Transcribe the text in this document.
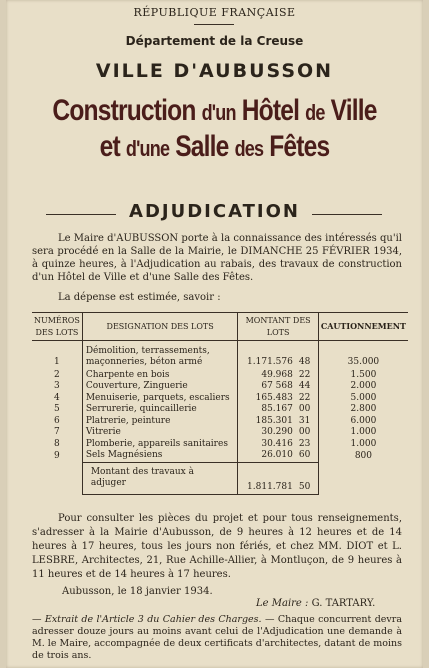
RÉPUBLIQUE FRANÇAISE
Département de la Creuse
VILLE D'AUBUSSON
Construction d'un Hôtel de Ville
et d'une Salle des Fêtes
ADJUDICATION
Le Maire d'AUBUSSON porte à la connaissance des intéressés qu'il sera procédé en la Salle de la Mairie, le DIMANCHE 25 FÉVRIER 1934, à quinze heures, à l'Adjudication au rabais, des travaux de construction d'un Hôtel de Ville et d'une Salle des Fêtes.
La dépense est estimée, savoir :
NUMÉROS DES LOTS	DESIGNATION DES LOTS	MONTANT DES LOTS		CAUTIONNEMENT
1	Démolition, terrassements, maçonneries, béton armé	1.171.576	48	35.000
2	Charpente en bois	49.968	22	1.500
3	Couverture, Zinguerie	67 568	44	2.000
4	Menuiserie, parquets, escaliers	165.483	22	5.000
5	Serrurerie, quincaillerie	85.167	00	2.800
6	Platrerie, peinture	185.301	31	6.000
7	Vitrerie	30.290	00	1.000
8	Plomberie, appareils sanitaires	30.416	23	1.000
9	Sels Magnésiens	26.010	60	800
	Montant des travaux à adjuger	1.811.781	50	
Pour consulter les pièces du projet et pour tous renseignements, s'adresser à la Mairie d'Aubusson, de 9 heures à 12 heures et de 14 heures à 17 heures, tous les jours non fériés, et chez MM. DIOT et L. LESBRE, Architectes, 21, Rue Achille-Allier, à Montluçon, de 9 heures à 11 heures et de 14 heures à 17 heures.
Aubusson, le 18 janvier 1934.
Le Maire : G. TARTARY.
— Extrait de l'Article 3 du Cahier des Charges. — Chaque concurrent devra adresser douze jours au moins avant celui de l'Adjudication une demande à M. le Maire, accompagnée de deux certificats d'architectes, datant de moins de trois ans.
